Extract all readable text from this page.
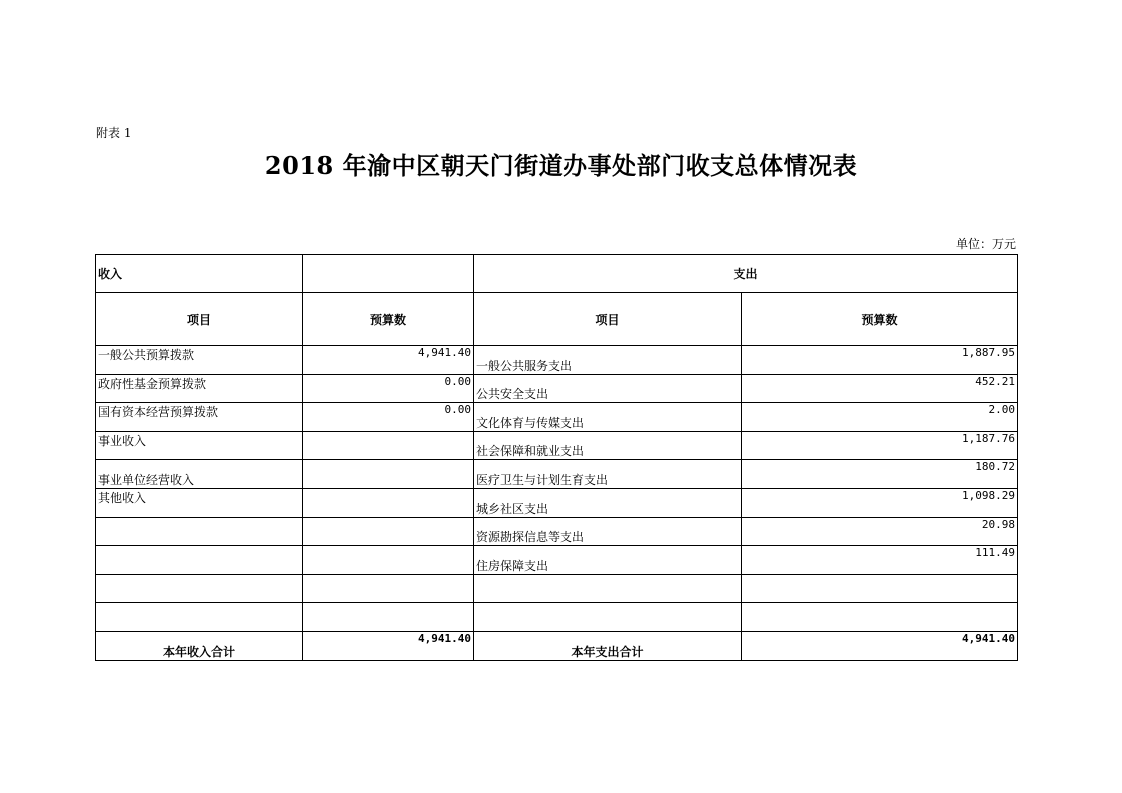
附表 1
2018 年渝中区朝天门街道办事处部门收支总体情况表
单位：万元
收入		支出	
项目	预算数	项目	预算数
一般公共预算拨款	4,941.40	一般公共服务支出	1,887.95
政府性基金预算拨款	0.00	公共安全支出	452.21
国有资本经营预算拨款	0.00	文化体育与传媒支出	2.00
事业收入		社会保障和就业支出	1,187.76
事业单位经营收入		医疗卫生与计划生育支出	180.72
其他收入		城乡社区支出	1,098.29
		资源勘探信息等支出	20.98
		住房保障支出	111.49

本年收入合计	4,941.40	本年支出合计	4,941.40
